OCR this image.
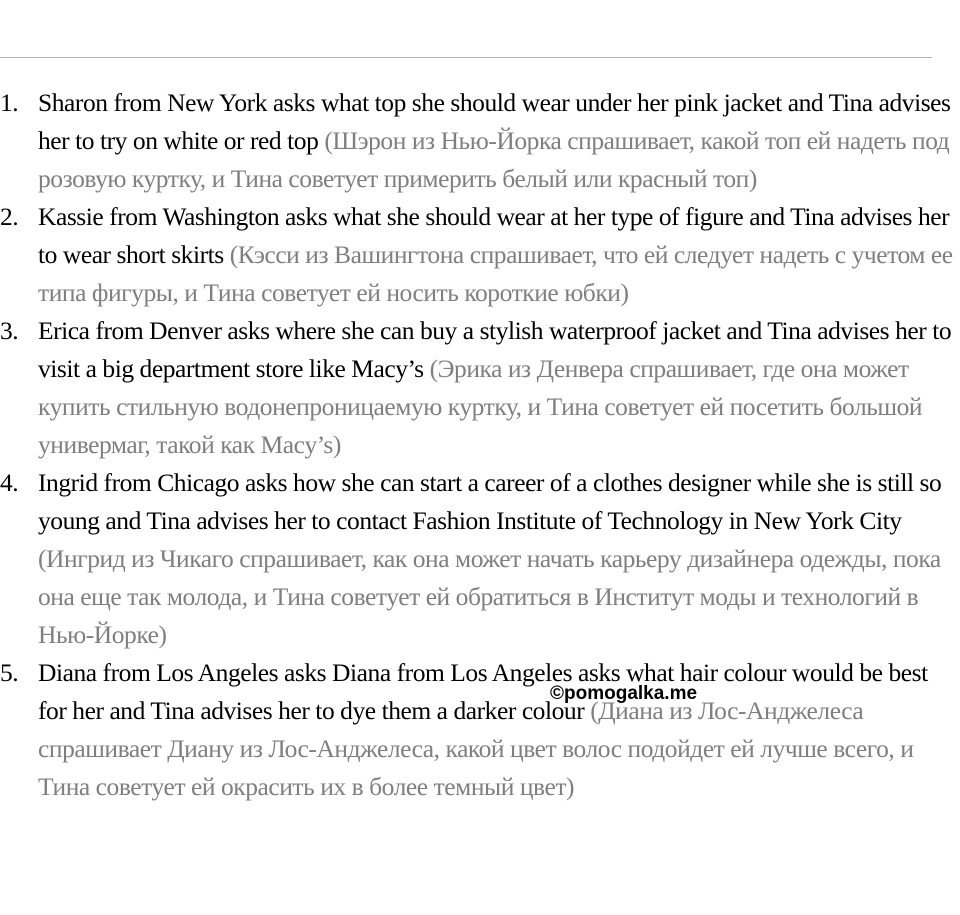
1. Sharon from New York asks what top she should wear under her pink jacket and Tina advises her to try on white or red top (Шэрон из Нью-Йорка спрашивает, какой топ ей надеть под розовую куртку, и Тина советует примерить белый или красный топ)
2. Kassie from Washington asks what she should wear at her type of figure and Tina advises her to wear short skirts (Кэсси из Вашингтона спрашивает, что ей следует надеть с учетом ее типа фигуры, и Тина советует ей носить короткие юбки)
3. Erica from Denver asks where she can buy a stylish waterproof jacket and Tina advises her to visit a big department store like Macy’s (Эрика из Денвера спрашивает, где она может купить стильную водонепроницаемую куртку, и Тина советует ей посетить большой универмаг, такой как Macy’s)
4. Ingrid from Chicago asks how she can start a career of a clothes designer while she is still so young and Tina advises her to contact Fashion Institute of Technology in New York City (Ингрид из Чикаго спрашивает, как она может начать карьеру дизайнера одежды, пока она еще так молода, и Тина советует ей обратиться в Институт моды и технологий в Нью-Йорке)
5. Diana from Los Angeles asks Diana from Los Angeles asks what hair colour would be best for her and Tina advises her to dye them a darker colour (Диана из Лос-Анджелеса спрашивает Диану из Лос-Анджелеса, какой цвет волос подойдет ей лучше всего, и Тина советует ей окрасить их в более темный цвет)
©pomogalka.me
